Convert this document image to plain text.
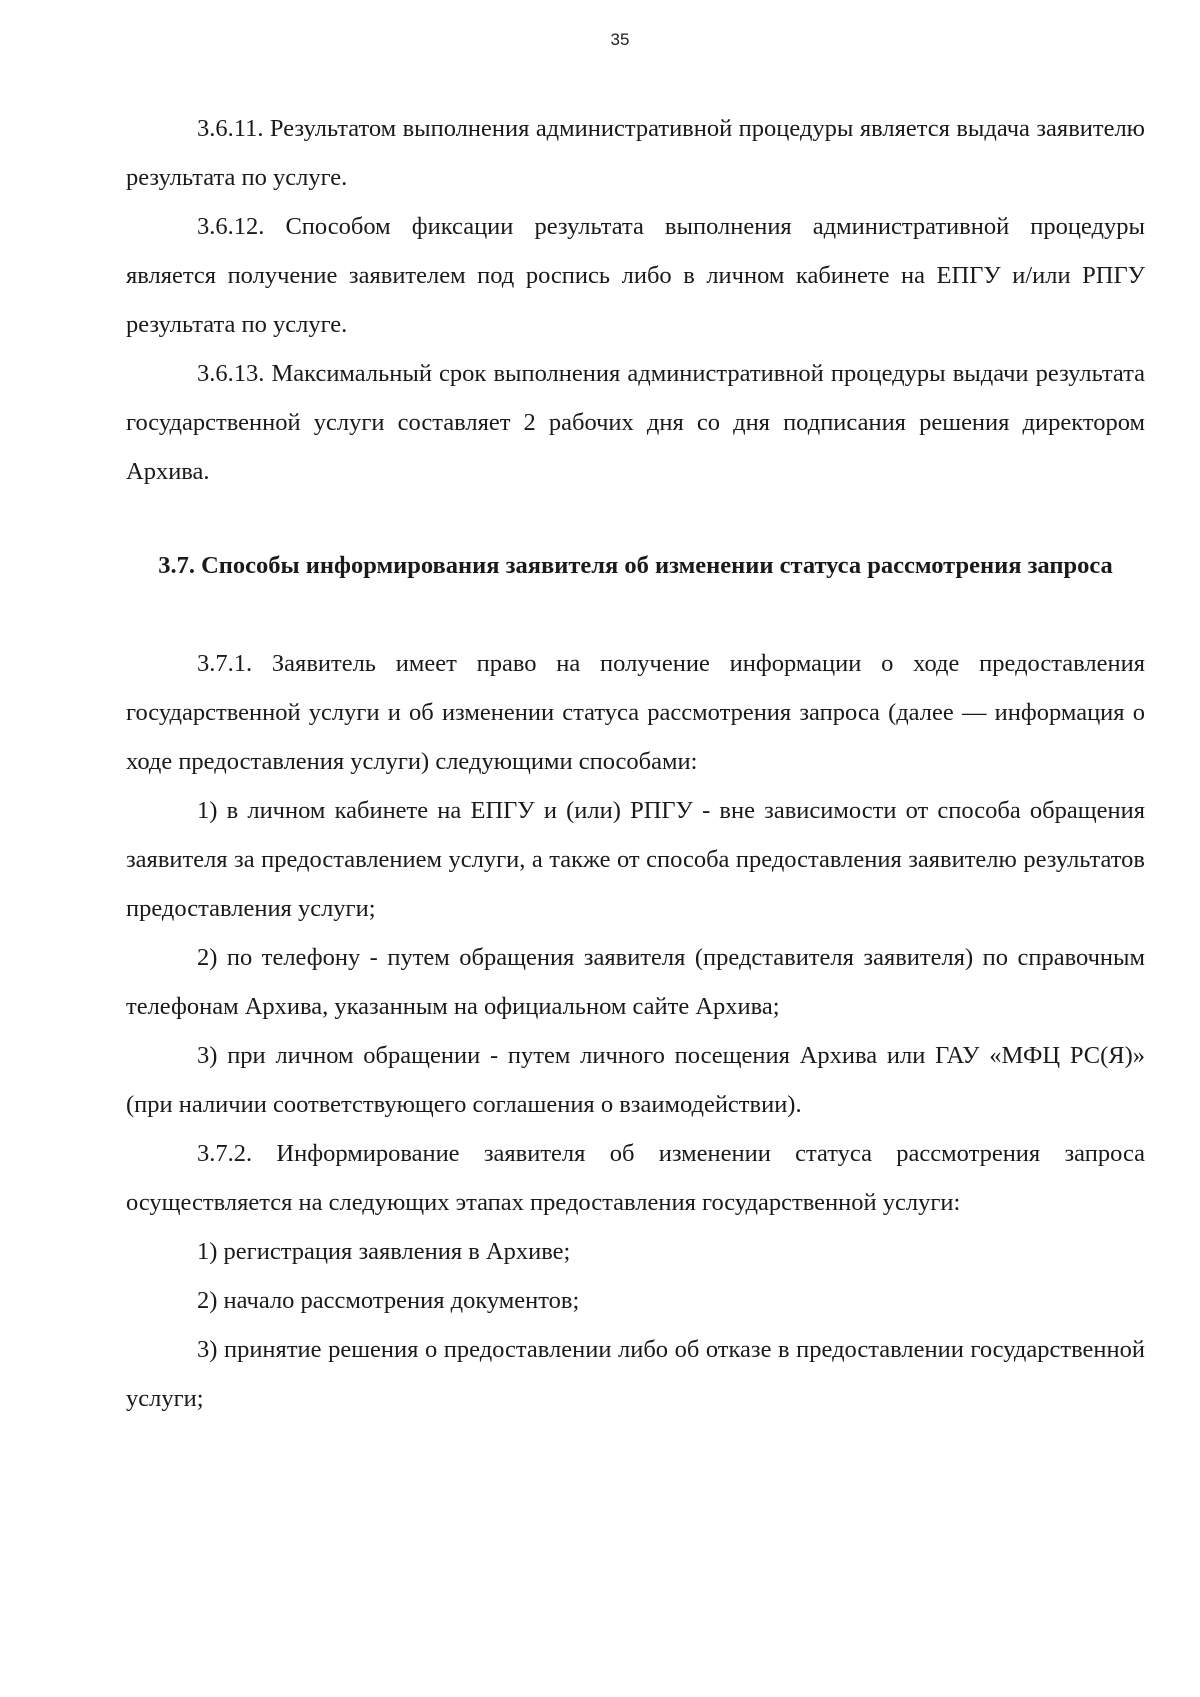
35

3.6.11. Результатом выполнения административной процедуры является выдача заявителю результата по услуге.

3.6.12. Способом фиксации результата выполнения административной процедуры является получение заявителем под роспись либо в личном кабинете на ЕПГУ и/или РПГУ результата по услуге.

3.6.13. Максимальный срок выполнения административной процедуры выдачи результата государственной услуги составляет 2 рабочих дня со дня подписания решения директором Архива.

3.7. Способы информирования заявителя об изменении статуса рассмотрения запроса

3.7.1. Заявитель имеет право на получение информации о ходе предоставления государственной услуги и об изменении статуса рассмотрения запроса (далее — информация о ходе предоставления услуги) следующими способами:

1) в личном кабинете на ЕПГУ и (или) РПГУ - вне зависимости от способа обращения заявителя за предоставлением услуги, а также от способа предоставления заявителю результатов предоставления услуги;

2) по телефону - путем обращения заявителя (представителя заявителя) по справочным телефонам Архива, указанным на официальном сайте Архива;

3) при личном обращении - путем личного посещения Архива или ГАУ «МФЦ РС(Я)» (при наличии соответствующего соглашения о взаимодействии).

3.7.2. Информирование заявителя об изменении статуса рассмотрения запроса осуществляется на следующих этапах предоставления государственной услуги:

1) регистрация заявления в Архиве;

2) начало рассмотрения документов;

3) принятие решения о предоставлении либо об отказе в предоставлении государственной услуги;
